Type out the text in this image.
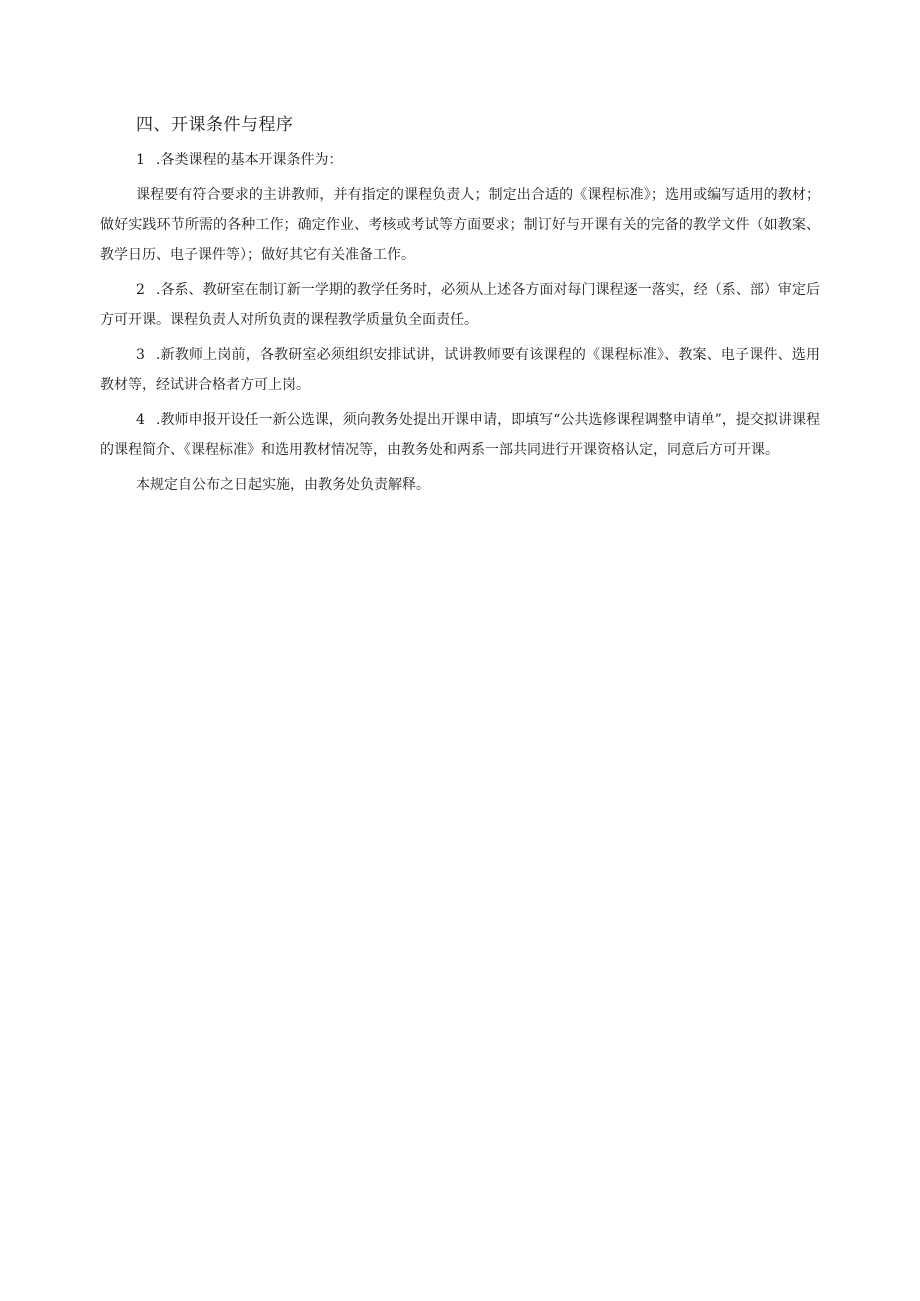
四、开课条件与程序

1 .各类课程的基本开课条件为：

课程要有符合要求的主讲教师，并有指定的课程负责人；制定出合适的《课程标准》；选用或编写适用的教材；做好实践环节所需的各种工作；确定作业、考核或考试等方面要求；制订好与开课有关的完备的教学文件（如教案、教学日历、电子课件等）；做好其它有关准备工作。

2 .各系、教研室在制订新一学期的教学任务时，必须从上述各方面对每门课程逐一落实，经（系、部）审定后方可开课。课程负责人对所负责的课程教学质量负全面责任。

3 .新教师上岗前，各教研室必须组织安排试讲，试讲教师要有该课程的《课程标准》、教案、电子课件、选用教材等，经试讲合格者方可上岗。

4 .教师申报开设任一新公选课，须向教务处提出开课申请，即填写“公共选修课程调整申请单”，提交拟讲课程的课程简介、《课程标准》和选用教材情况等，由教务处和两系一部共同进行开课资格认定，同意后方可开课。

本规定自公布之日起实施，由教务处负责解释。
